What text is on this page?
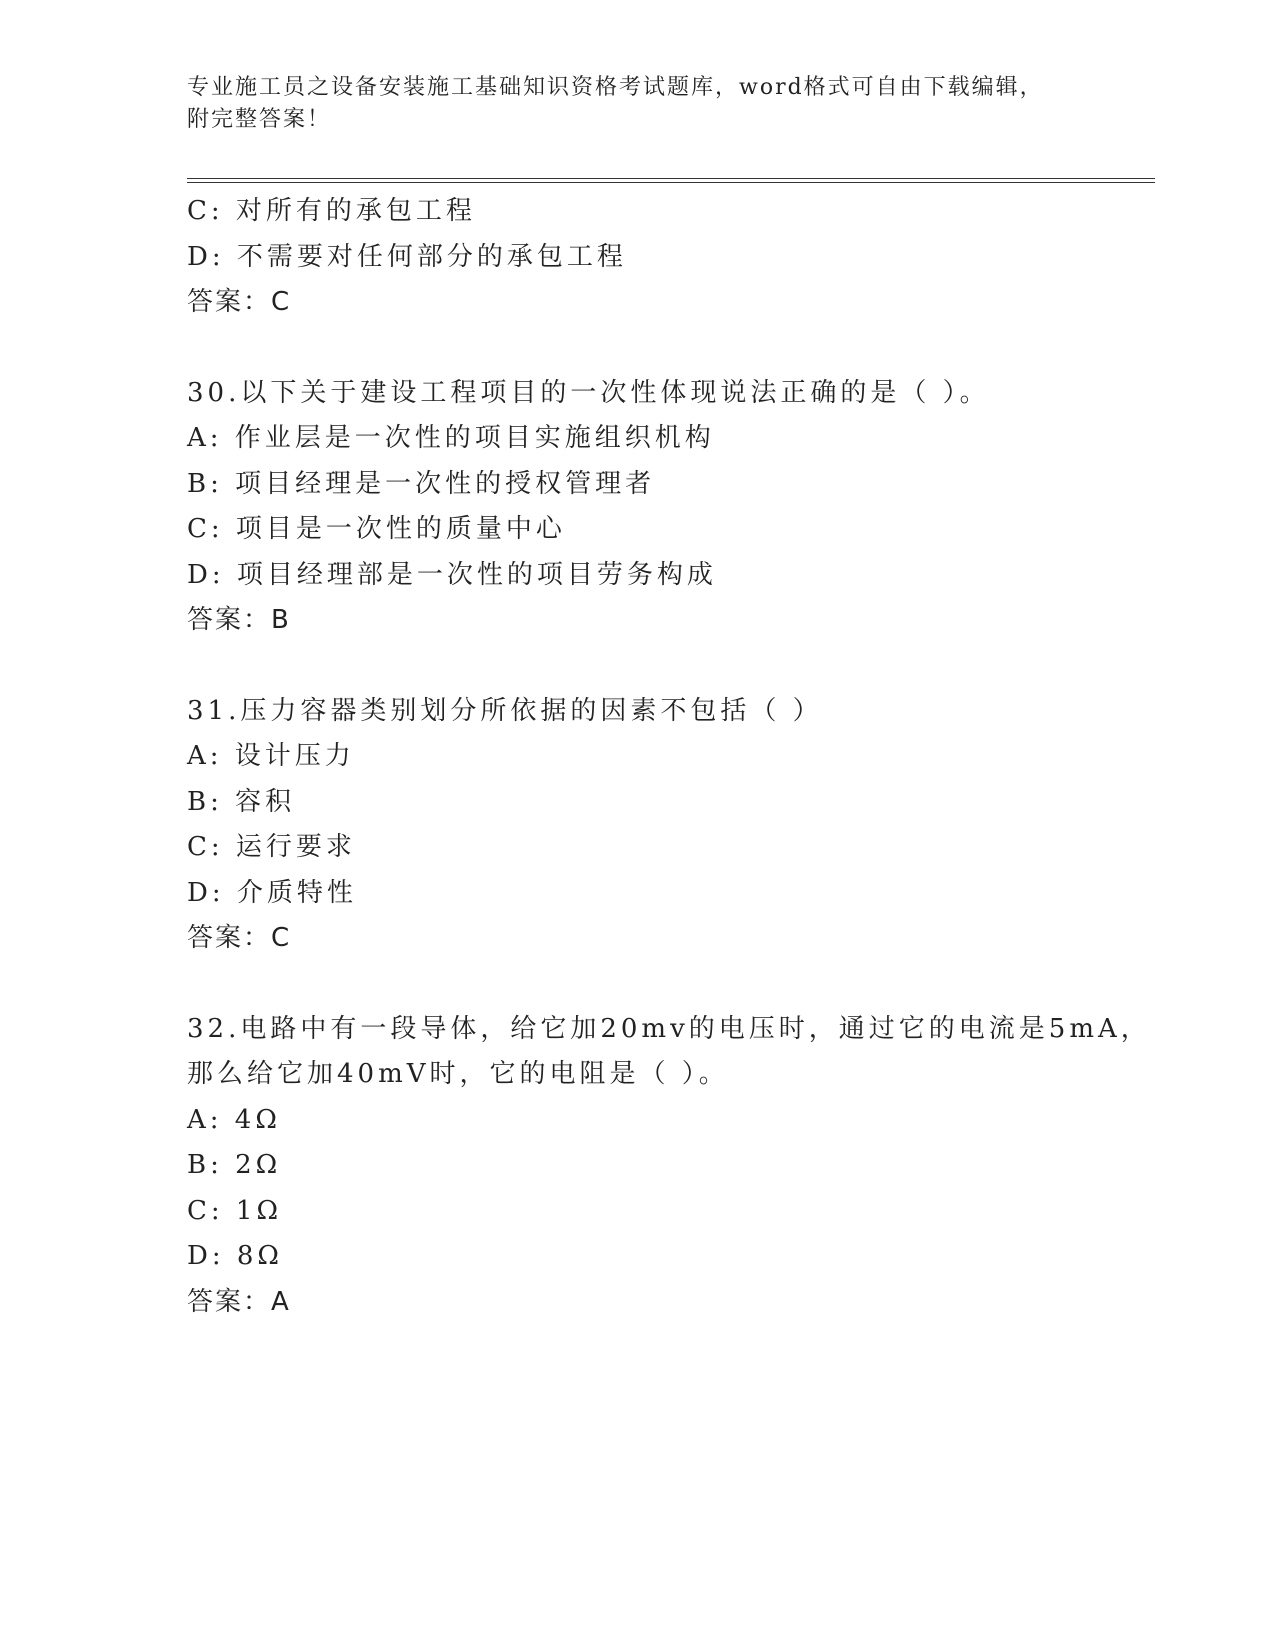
专业施工员之设备安装施工基础知识资格考试题库，word格式可自由下载编辑，
附完整答案！
C: 对所有的承包工程
D: 不需要对任何部分的承包工程
答案：C
30.以下关于建设工程项目的一次性体现说法正确的是（ ）。
A: 作业层是一次性的项目实施组织机构
B: 项目经理是一次性的授权管理者
C: 项目是一次性的质量中心
D: 项目经理部是一次性的项目劳务构成
答案：B
31.压力容器类别划分所依据的因素不包括（ ）
A: 设计压力
B: 容积
C: 运行要求
D: 介质特性
答案：C
32.电路中有一段导体，给它加20mv的电压时，通过它的电流是5mA，
那么给它加40mV时，它的电阻是（ ）。
A: 4Ω
B: 2Ω
C: 1Ω
D: 8Ω
答案：A
